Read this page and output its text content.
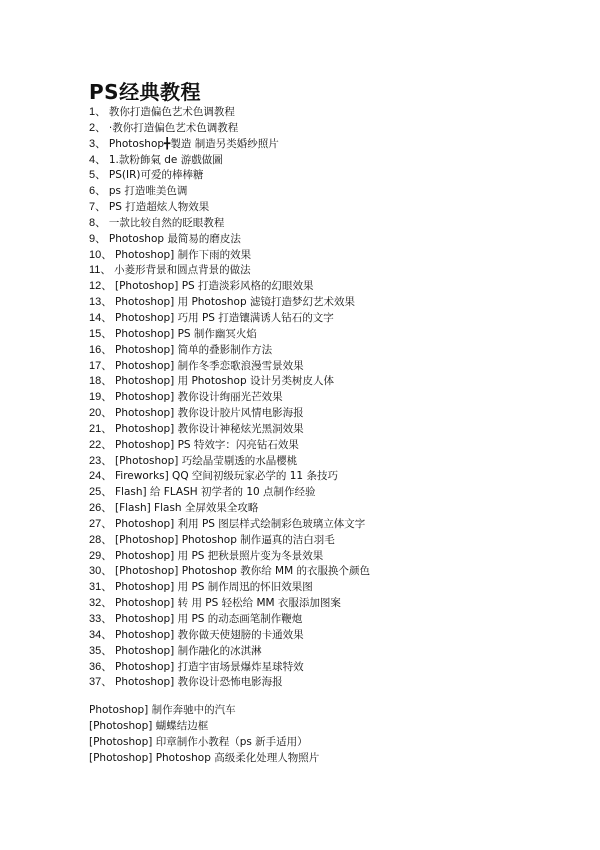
PS经典教程
1、 教你打造偏色艺术色调教程
2、 ·教你打造偏色艺术色调教程
3、 Photoshop╋製造 制造另类婚纱照片
4、 1.款粉飾氣 de 游戲做圖
5、 PS(IR)可爱的棒棒糖
6、 ps 打造唯美色调
7、 PS 打造超炫人物效果
8、 一款比较自然的眨眼教程
9、 Photoshop 最简易的磨皮法
10、 Photoshop] 制作下雨的效果
11、 小菱形背景和圆点背景的做法
12、 [Photoshop] PS 打造淡彩风格的幻眼效果
13、 Photoshop] 用 Photoshop 滤镜打造梦幻艺术效果
14、 Photoshop] 巧用 PS 打造镶满诱人钻石的文字
15、 Photoshop] PS 制作幽冥火焰
16、 Photoshop] 简单的叠影制作方法
17、 Photoshop] 制作冬季恋歌浪漫雪景效果
18、 Photoshop] 用 Photoshop 设计另类树皮人体
19、 Photoshop] 教你设计绚丽光芒效果
20、 Photoshop] 教你设计胶片风情电影海报
21、 Photoshop] 教你设计神秘炫光黑洞效果
22、 Photoshop] PS 特效字：闪亮钻石效果
23、 [Photoshop] 巧绘晶莹剔透的水晶樱桃
24、 Fireworks] QQ 空间初级玩家必学的 11 条技巧
25、 Flash] 给 FLASH 初学者的 10 点制作经验
26、 [Flash] Flash 全屏效果全攻略
27、 Photoshop] 利用 PS 图层样式绘制彩色玻璃立体文字
28、 [Photoshop] Photoshop 制作逼真的洁白羽毛
29、 Photoshop] 用 PS 把秋景照片变为冬景效果
30、 [Photoshop] Photoshop 教你给 MM 的衣服换个颜色
31、 Photoshop] 用 PS 制作周迅的怀旧效果图
32、 Photoshop] 转 用 PS 轻松给 MM 衣服添加图案
33、 Photoshop] 用 PS 的动态画笔制作鞭炮
34、 Photoshop] 教你做天使翅膀的卡通效果
35、 Photoshop] 制作融化的冰淇淋
36、 Photoshop] 打造宇宙场景爆炸星球特效
37、 Photoshop] 教你设计恐怖电影海报
Photoshop] 制作奔驰中的汽车
[Photoshop] 蝴蝶结边框
[Photoshop] 印章制作小教程（ps 新手适用）
[Photoshop] Photoshop 高级柔化处理人物照片
